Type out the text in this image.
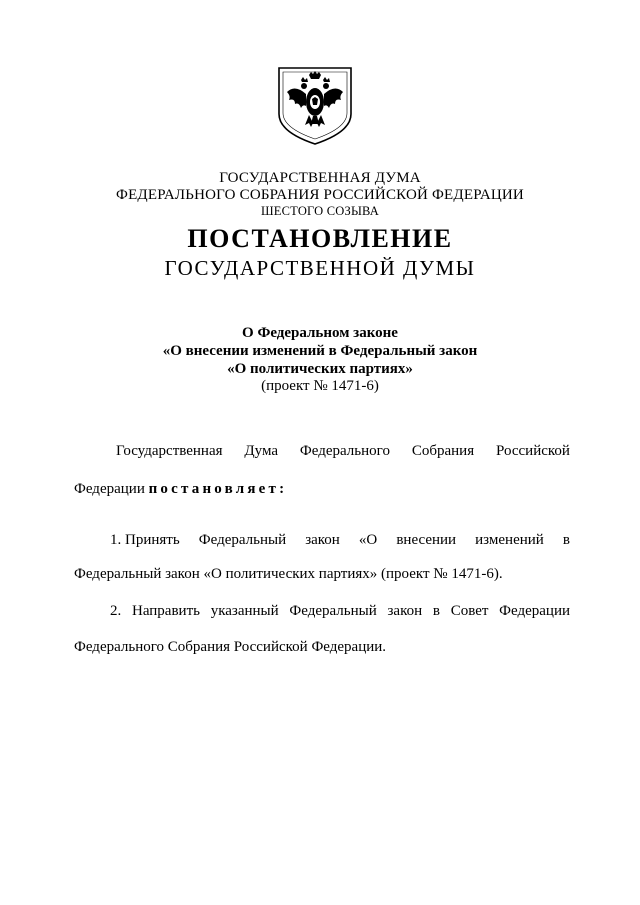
ГОСУДАРСТВЕННАЯ ДУМА
ФЕДЕРАЛЬНОГО СОБРАНИЯ РОССИЙСКОЙ ФЕДЕРАЦИИ
ШЕСТОГО СОЗЫВА
ПОСТАНОВЛЕНИЕ
ГОСУДАРСТВЕННОЙ ДУМЫ
О Федеральном законе
«О внесении изменений в Федеральный закон
«О политических партиях»
(проект № 1471-6)
Государственная Дума Федерального Собрания Российской
Федерации постановляет:
1. Принять Федеральный закон «О внесении изменений в
Федеральный закон «О политических партиях» (проект № 1471-6).
2. Направить указанный Федеральный закон в Совет Федерации
Федерального Собрания Российской Федерации.
